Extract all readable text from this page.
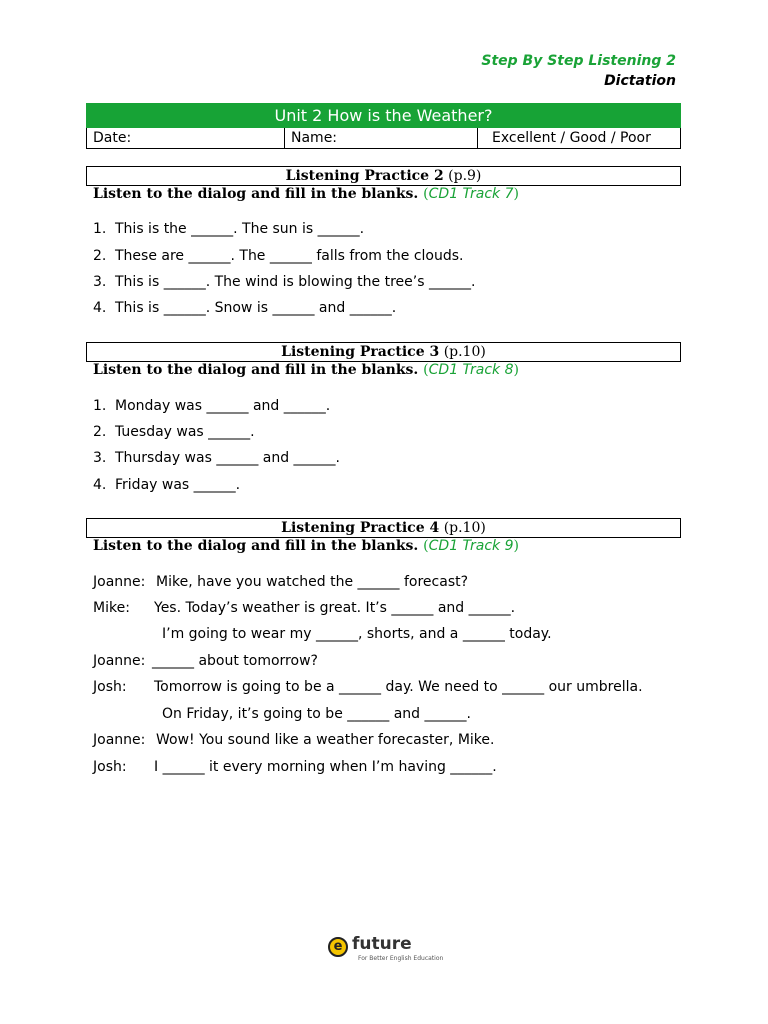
Step By Step Listening 2
Dictation
Unit 2 How is the Weather?
Date:	Name:	Excellent / Good / Poor
Listening Practice 2 (p.9)
Listen to the dialog and fill in the blanks. (CD1 Track 7)
1. This is the ______. The sun is ______.
2. These are ______. The ______ falls from the clouds.
3. This is ______. The wind is blowing the tree’s ______.
4. This is ______. Snow is ______ and ______.
Listening Practice 3 (p.10)
Listen to the dialog and fill in the blanks. (CD1 Track 8)
1. Monday was ______ and ______.
2. Tuesday was ______.
3. Thursday was ______ and ______.
4. Friday was ______.
Listening Practice 4 (p.10)
Listen to the dialog and fill in the blanks. (CD1 Track 9)
Joanne: Mike, have you watched the ______ forecast?
Mike: Yes. Today’s weather is great. It’s ______ and ______.
I’m going to wear my ______, shorts, and a ______ today.
Joanne: ______ about tomorrow?
Josh: Tomorrow is going to be a ______ day. We need to ______ our umbrella.
On Friday, it’s going to be ______ and ______.
Joanne: Wow! You sound like a weather forecaster, Mike.
Josh: I ______ it every morning when I’m having ______.
e future
For Better English Education
